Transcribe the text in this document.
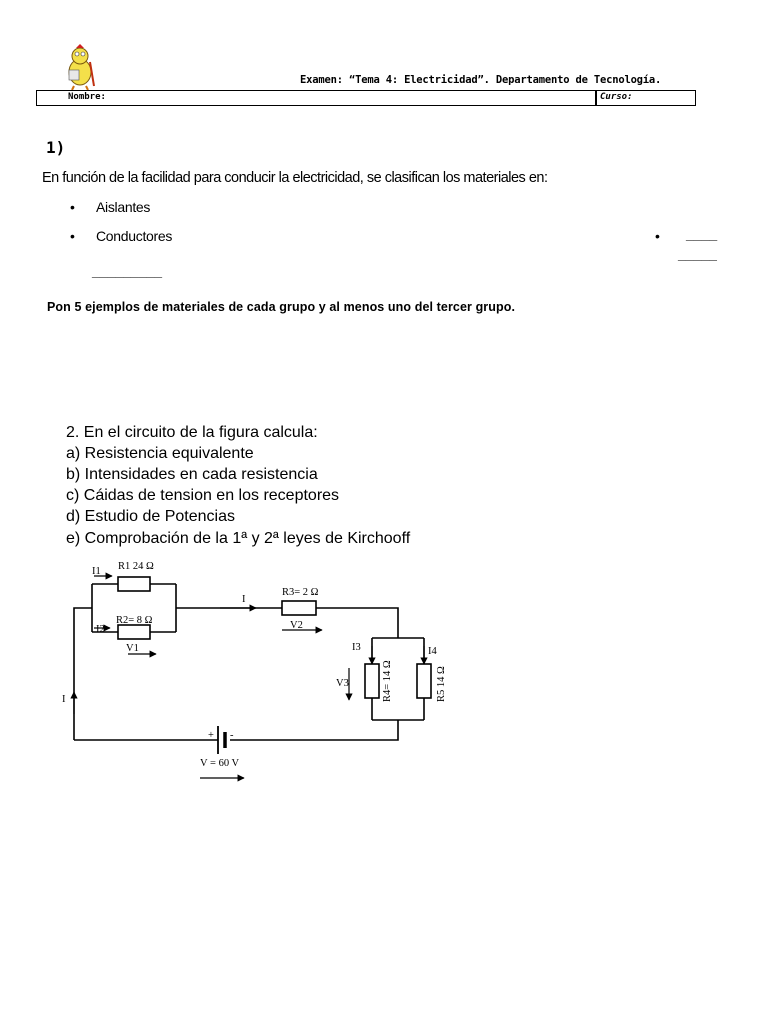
Examen: “Tema 4: Electricidad”. Departamento de Tecnología.
Nombre:	Curso:
1)
En función de la facilidad para conducir la electricidad, se clasifican los materiales en:
• Aislantes
• Conductores	• ____
_____
_________
Pon 5 ejemplos de materiales de cada grupo y al menos uno del tercer grupo.
2. En el circuito de la figura calcula:
a) Resistencia equivalente
b) Intensidades en cada resistencia
c) Cáidas de tension en los receptores
d) Estudio de Potencias
e) Comprobación de la 1ª y 2ª leyes de Kirchooff
I1 R1 24 Ω
I2
R2= 8 Ω
V1
I
R3= 2 Ω
V2
I3	I4
V3	R4= 14 Ω	R5 14 Ω
I
+ -
V = 60 V
